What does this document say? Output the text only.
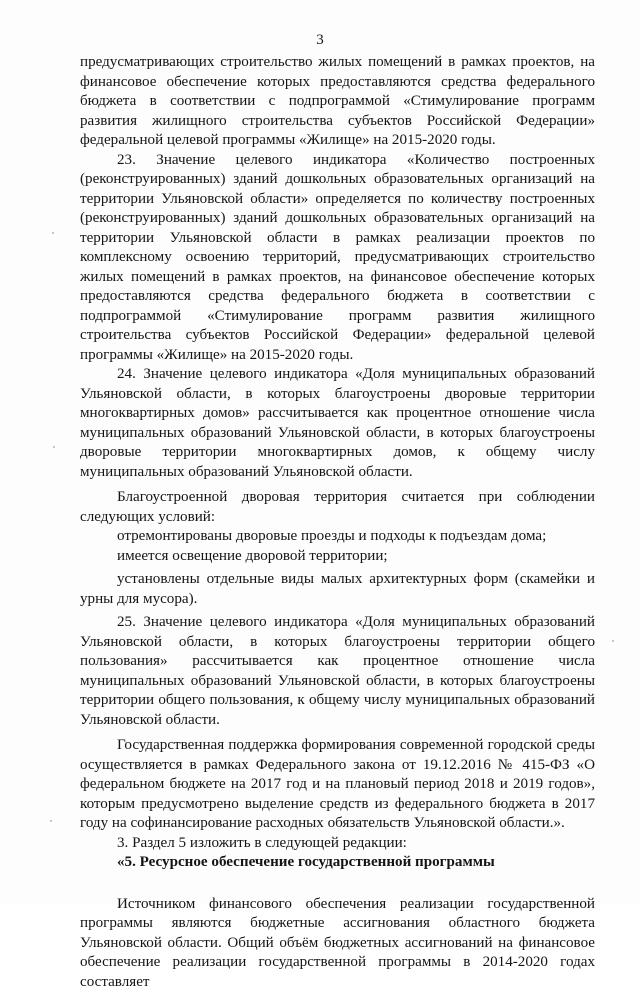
3

предусматривающих строительство жилых помещений в рамках проектов, на финансовое обеспечение которых предоставляются средства федерального бюджета в соответствии с подпрограммой «Стимулирование программ развития жилищного строительства субъектов Российской Федерации» федеральной целевой программы «Жилище» на 2015-2020 годы.

23. Значение целевого индикатора «Количество построенных (реконструированных) зданий дошкольных образовательных организаций на территории Ульяновской области» определяется по количеству построенных (реконструированных) зданий дошкольных образовательных организаций на территории Ульяновской области в рамках реализации проектов по комплексному освоению территорий, предусматривающих строительство жилых помещений в рамках проектов, на финансовое обеспечение которых предоставляются средства федерального бюджета в соответствии с подпрограммой «Стимулирование программ развития жилищного строительства субъектов Российской Федерации» федеральной целевой программы «Жилище» на 2015-2020 годы.

24. Значение целевого индикатора «Доля муниципальных образований Ульяновской области, в которых благоустроены дворовые территории многоквартирных домов» рассчитывается как процентное отношение числа муниципальных образований Ульяновской области, в которых благоустроены дворовые территории многоквартирных домов, к общему числу муниципальных образований Ульяновской области.

Благоустроенной дворовая территория считается при соблюдении следующих условий:

отремонтированы дворовые проезды и подходы к подъездам дома;

имеется освещение дворовой территории;

установлены отдельные виды малых архитектурных форм (скамейки и урны для мусора).

25. Значение целевого индикатора «Доля муниципальных образований Ульяновской области, в которых благоустроены территории общего пользования» рассчитывается как процентное отношение числа муниципальных образований Ульяновской области, в которых благоустроены территории общего пользования, к общему числу муниципальных образований Ульяновской области.

Государственная поддержка формирования современной городской среды осуществляется в рамках Федерального закона от 19.12.2016 № 415-ФЗ «О федеральном бюджете на 2017 год и на плановый период 2018 и 2019 годов», которым предусмотрено выделение средств из федерального бюджета в 2017 году на софинансирование расходных обязательств Ульяновской области.».

3. Раздел 5 изложить в следующей редакции:

«5. Ресурсное обеспечение государственной программы

Источником финансового обеспечения реализации государственной программы являются бюджетные ассигнования областного бюджета Ульяновской области. Общий объём бюджетных ассигнований на финансовое обеспечение реализации государственной программы в 2014-2020 годах составляет
